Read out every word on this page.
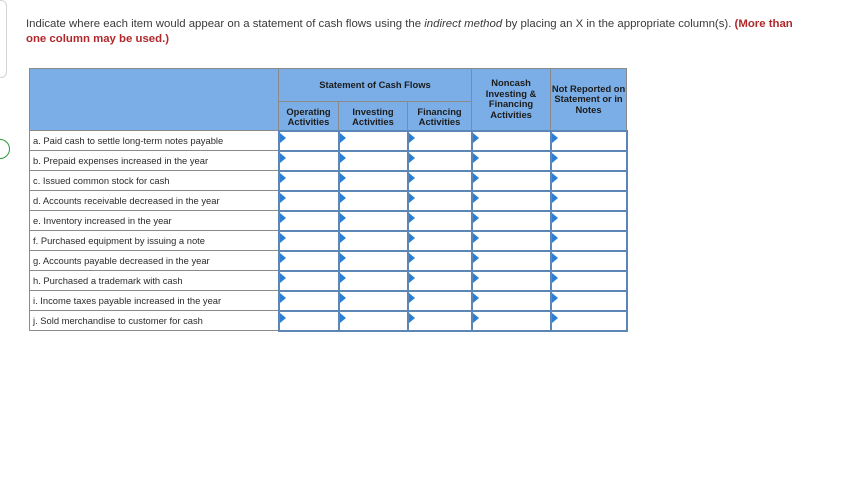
Indicate where each item would appear on a statement of cash flows using the indirect method by placing an X in the appropriate column(s). (More than one column may be used.)
	Statement of Cash Flows			Noncash Investing & Financing Activities	Not Reported on Statement or in Notes
	Operating Activities	Investing Activities	Financing Activities		
a. Paid cash to settle long-term notes payable	

b. Prepaid expenses increased in the year	

c. Issued common stock for cash	

d. Accounts receivable decreased in the year	

e. Inventory increased in the year	

f. Purchased equipment by issuing a note	

g. Accounts payable decreased in the year	

h. Purchased a trademark with cash	

i. Income taxes payable increased in the year	

j. Sold merchandise to customer for cash	
